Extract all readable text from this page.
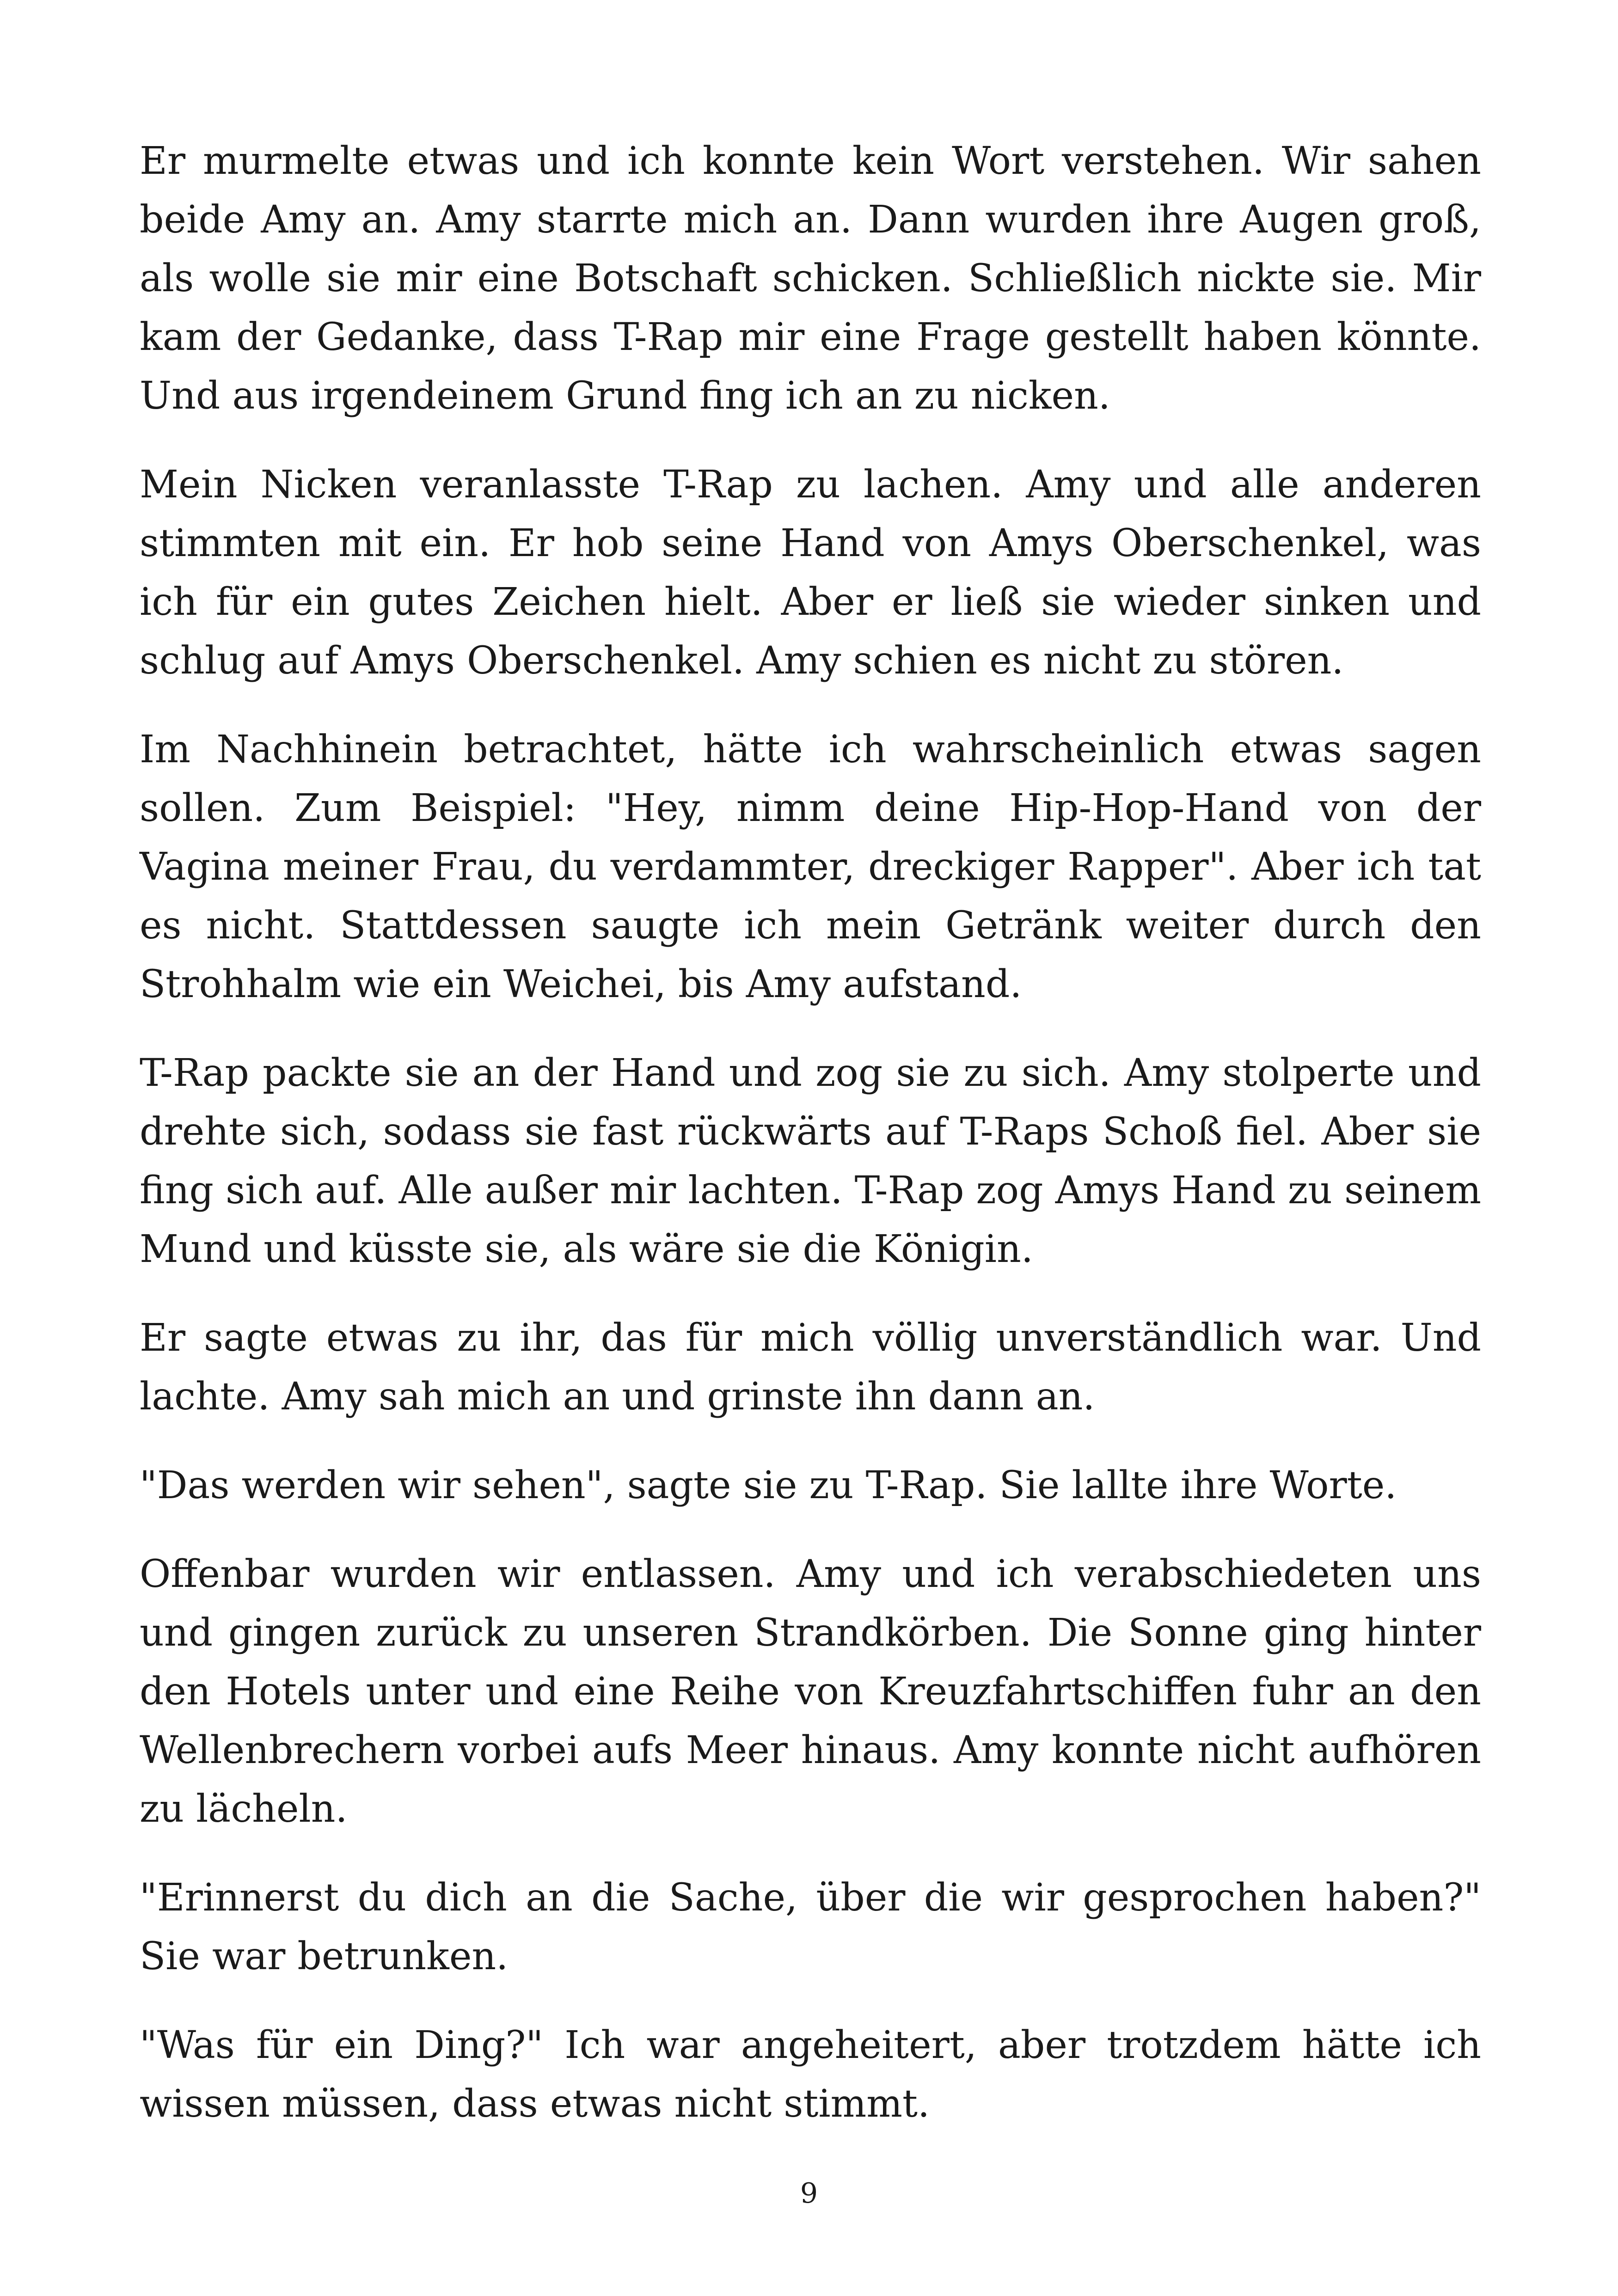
Er murmelte etwas und ich konnte kein Wort verstehen. Wir sahen beide Amy an. Amy starrte mich an. Dann wurden ihre Augen groß, als wolle sie mir eine Botschaft schicken. Schließlich nickte sie. Mir kam der Gedanke, dass T-Rap mir eine Frage gestellt haben könnte. Und aus irgendeinem Grund fing ich an zu nicken.

Mein Nicken veranlasste T-Rap zu lachen. Amy und alle anderen stimmten mit ein. Er hob seine Hand von Amys Oberschenkel, was ich für ein gutes Zeichen hielt. Aber er ließ sie wieder sinken und schlug auf Amys Oberschenkel. Amy schien es nicht zu stören.

Im Nachhinein betrachtet, hätte ich wahrscheinlich etwas sagen sollen. Zum Beispiel: "Hey, nimm deine Hip-Hop-Hand von der Vagina meiner Frau, du verdammter, dreckiger Rapper". Aber ich tat es nicht. Stattdessen saugte ich mein Getränk weiter durch den Strohhalm wie ein Weichei, bis Amy aufstand.

T-Rap packte sie an der Hand und zog sie zu sich. Amy stolperte und drehte sich, sodass sie fast rückwärts auf T-Raps Schoß fiel. Aber sie fing sich auf. Alle außer mir lachten. T-Rap zog Amys Hand zu seinem Mund und küsste sie, als wäre sie die Königin.

Er sagte etwas zu ihr, das für mich völlig unverständlich war. Und lachte. Amy sah mich an und grinste ihn dann an.

"Das werden wir sehen", sagte sie zu T-Rap. Sie lallte ihre Worte.

Offenbar wurden wir entlassen. Amy und ich verabschiedeten uns und gingen zurück zu unseren Strandkörben. Die Sonne ging hinter den Hotels unter und eine Reihe von Kreuzfahrtschiffen fuhr an den Wellenbrechern vorbei aufs Meer hinaus. Amy konnte nicht aufhören zu lächeln.

"Erinnerst du dich an die Sache, über die wir gesprochen haben?" Sie war betrunken.

"Was für ein Ding?" Ich war angeheitert, aber trotzdem hätte ich wissen müssen, dass etwas nicht stimmt.

9
